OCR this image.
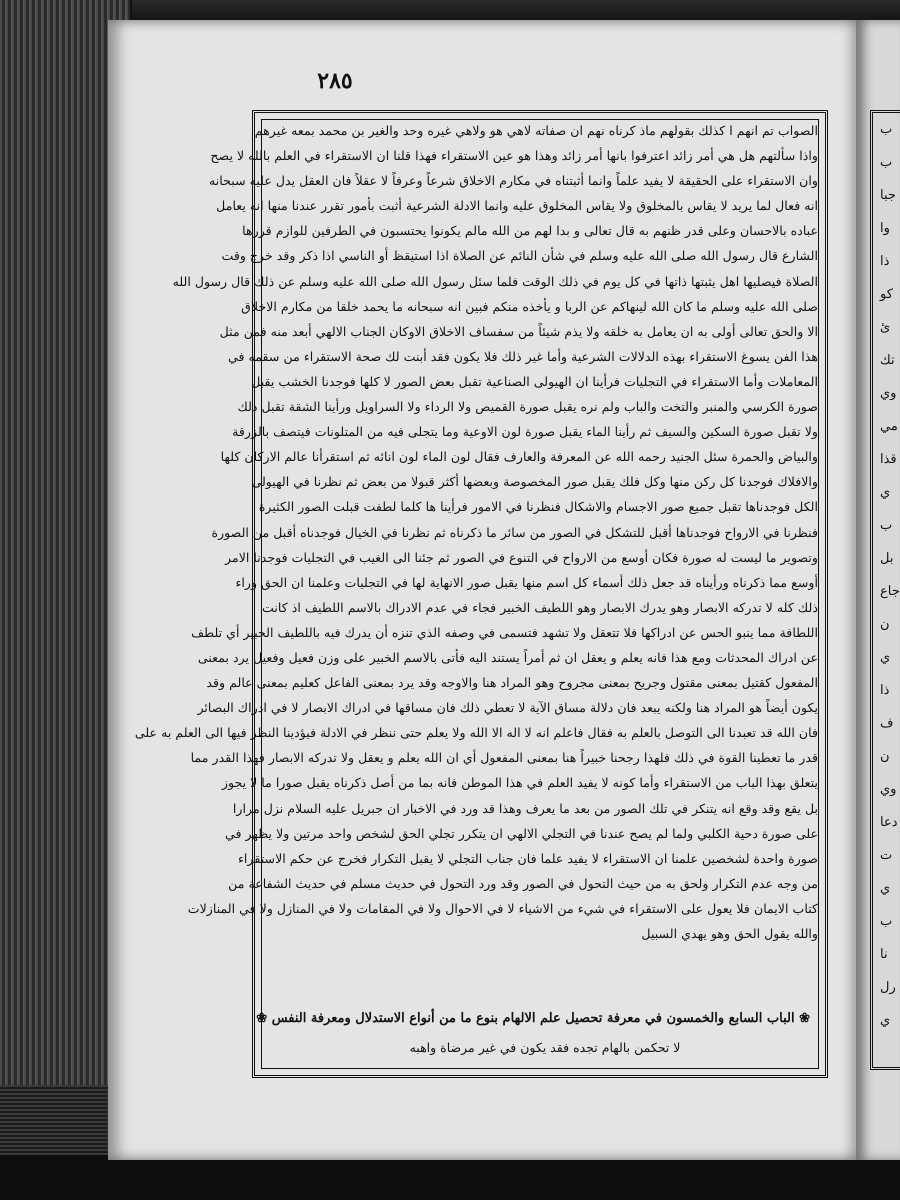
٢٨٥
الصواب تم انهم ا كذلك بقولهم ماذ كرناه نهم ان صفاته لاهي هو ولاهي غيره وحد والغير بن محمد بمعه غيرهم
واذا سألتهم هل هي أمر زائد اعترفوا بانها أمر زائد وهذا هو عين الاستقراء فهذا قلنا ان الاستقراء في العلم بالله لا يصح
وان الاستقراء على الحقيقة لا يفيد علماً وانما أثبتناه في مكارم الاخلاق شرعاً وعرفاً لا عقلاً فان العقل يدل عليه سبحانه
انه فعال لما يريد لا يقاس بالمخلوق ولا يقاس المخلوق عليه وانما الادلة الشرعية أثبت بأمور تقرر عندنا منها انه يعامل
عباده بالاحسان وعلى قدر ظنهم به قال تعالى و بدا لهم من الله مالم يكونوا يحتسبون في الطرفين للوازم قررها
الشارع قال رسول الله صلى الله عليه وسلم في شأن النائم عن الصلاة اذا استيقظ أو الناسي اذا ذكر وقد خرج وقت
الصلاة فيصليها اهل يثبتها ذاتها في كل يوم في ذلك الوقت فلما سئل رسول الله صلى الله عليه وسلم عن ذلك قال رسول الله
صلى الله عليه وسلم ما كان الله لينهاكم عن الربا و يأخذه منكم فبين انه سبحانه ما يحمد خلقا من مكارم الاخلاق
الا والحق تعالى أولى به ان يعامل به خلقه ولا يذم شيئاً من سفساف الاخلاق الاوكان الجناب الالهي أبعد منه فمن مثل
هذا الفن يسوغ الاستقراء بهذه الدلالات الشرعية وأما غير ذلك فلا يكون فقد أبنت لك صحة الاستقراء من سقمه في
المعاملات وأما الاستقراء في التجليات فرأينا ان الهيولى الصناعية تقبل بعض الصور لا كلها فوجدنا الخشب يقبل
صورة الكرسي والمنبر والتخت والباب ولم نره يقبل صورة القميص ولا الرداء ولا السراويل ورأينا الشقة تقبل ذلك
ولا تقبل صورة السكين والسيف ثم رأينا الماء يقبل صورة لون الاوعية وما يتجلى فيه من المتلونات فيتصف بالزرقة
والبياض والحمرة سئل الجنيد رحمه الله عن المعرفة والعارف فقال لون الماء لون انائه ثم استقرأنا عالم الاركان كلها
والافلاك فوجدنا كل ركن منها وكل فلك يقبل صور المخصوصة وبعضها أكثر قبولا من بعض ثم نظرنا في الهيولى
الكل فوجدناها تقبل جميع صور الاجسام والاشكال فنظرنا في الامور فرأينا ها كلما لطفت قبلت الصور الكثيرة
فنظرنا في الارواح فوجدناها أقبل للتشكل في الصور من سائر ما ذكرناه ثم نظرنا في الخيال فوجدناه أقبل من الصورة
وتصوير ما ليست له صورة فكان أوسع من الارواح في التنوع في الصور ثم جئنا الى الغيب في التجليات فوجدنا الامر
أوسع مما ذكرناه ورأيناه قد جعل ذلك أسماء كل اسم منها يقبل صور الانهاية لها في التجليات وعلمنا ان الحق وراء
ذلك كله لا تدركه الابصار وهو يدرك الابصار وهو اللطيف الخبير فجاء في عدم الادراك بالاسم اللطيف اذ كانت
اللطافة مما ينبو الحس عن ادراكها فلا تتعقل ولا تشهد فتسمى في وصفه الذي تنزه أن يدرك فيه باللطيف الخبير أي تلطف
عن ادراك المحدثات ومع هذا فانه يعلم و يعقل ان ثم أمراً يستند اليه فأتى بالاسم الخبير على وزن فعيل وفعيل يرد بمعنى
المفعول كقتيل بمعنى مقتول وجريح بمعنى مجروح وهو المراد هنا والاوجه وقد يرد بمعنى الفاعل كعليم بمعنى عالم وقد
يكون أيضاً هو المراد هنا ولكنه يبعد فان دلالة مساق الآية لا تعطي ذلك فان مساقها في ادراك الابصار لا في ادراك البصائر
فان الله قد تعبدنا الى التوصل بالعلم به فقال فاعلم انه لا اله الا الله ولا يعلم حتى ننظر في الادلة فيؤدينا النظر فيها الى العلم به على
قدر ما تعطينا القوة في ذلك فلهذا رجحنا خبيراً هنا بمعنى المفعول أي ان الله يعلم و يعقل ولا تدركه الابصار فهذا القدر مما
يتعلق بهذا الباب من الاستقراء وأما كونه لا يفيد العلم في هذا الموطن فانه بما من أصل ذكرناه يقبل صورا ما لا يجوز
بل يقع وقد وقع انه يتنكر في تلك الصور من بعد ما يعرف وهذا قد ورد في الاخبار ان جبريل عليه السلام نزل مرارا
على صورة دحية الكلبي ولما لم يصح عندنا في التجلي الالهي ان يتكرر تجلي الحق لشخص واحد مرتين ولا يظهر في
صورة واحدة لشخصين علمنا ان الاستقراء لا يفيد علما فان جناب التجلي لا يقبل التكرار فخرج عن حكم الاستقراء
من وجه عدم التكرار ولحق به من حيث التحول في الصور وقد ورد التحول في حديث مسلم في حديث الشفاعة من
كتاب الايمان فلا يعول على الاستقراء في شيء من الاشياء لا في الاحوال ولا في المقامات ولا في المنازل ولا في المنازلات
والله يقول الحق وهو يهدي السبيل
❀ الباب السابع والخمسون في معرفة تحصيل علم الالهام بنوع ما من أنواع الاستدلال ومعرفة النفس ❀
لا تحكمن بالهام تجده فقد يكون في غير مرضاة واهبه
ب
ب
جبا
وا
ذا
كو
ئ
تك
وي
مي
قذا
ي
ب
بل
جاع
ن
ي
ذا
ف
ن
وي
دعا
ت
ي
ب
نا
رل
ي
